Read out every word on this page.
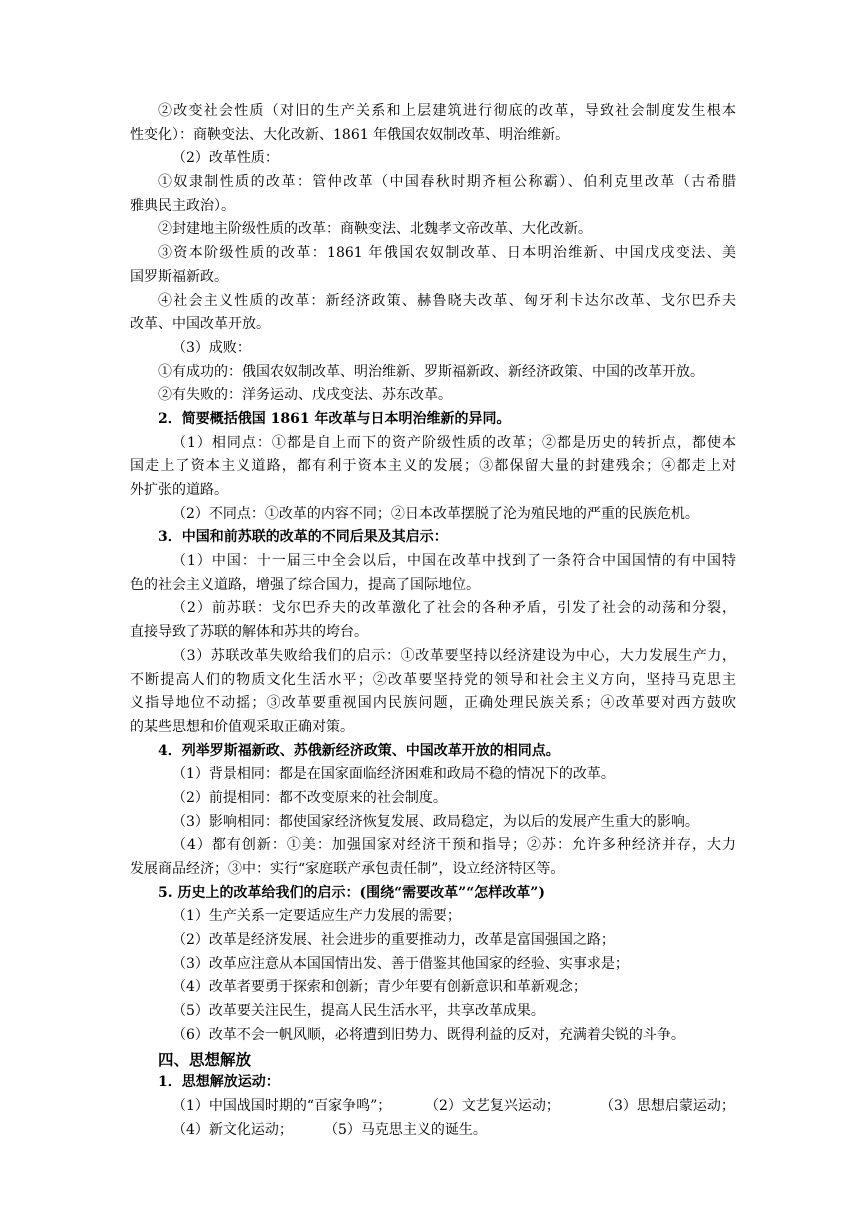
②改变社会性质（对旧的生产关系和上层建筑进行彻底的改革，导致社会制度发生根本
性变化）：商鞅变法、大化改新、1861 年俄国农奴制改革、明治维新。
（2）改革性质：
①奴隶制性质的改革：管仲改革（中国春秋时期齐桓公称霸）、伯利克里改革（古希腊
雅典民主政治）。
②封建地主阶级性质的改革：商鞅变法、北魏孝文帝改革、大化改新。
③资本阶级性质的改革：1861 年俄国农奴制改革、日本明治维新、中国戊戌变法、美
国罗斯福新政。
④社会主义性质的改革：新经济政策、赫鲁晓夫改革、匈牙利卡达尔改革、戈尔巴乔夫
改革、中国改革开放。
（3）成败：
①有成功的：俄国农奴制改革、明治维新、罗斯福新政、新经济政策、中国的改革开放。
②有失败的：洋务运动、戊戌变法、苏东改革。
2．简要概括俄国 1861 年改革与日本明治维新的异同。
（1）相同点：①都是自上而下的资产阶级性质的改革；②都是历史的转折点，都使本
国走上了资本主义道路，都有利于资本主义的发展；③都保留大量的封建残余；④都走上对
外扩张的道路。
（2）不同点：①改革的内容不同；②日本改革摆脱了沦为殖民地的严重的民族危机。
3．中国和前苏联的改革的不同后果及其启示：
（1）中国：十一届三中全会以后，中国在改革中找到了一条符合中国国情的有中国特
色的社会主义道路，增强了综合国力，提高了国际地位。
（2）前苏联：戈尔巴乔夫的改革激化了社会的各种矛盾，引发了社会的动荡和分裂，
直接导致了苏联的解体和苏共的垮台。
（3）苏联改革失败给我们的启示：①改革要坚持以经济建设为中心，大力发展生产力，
不断提高人们的物质文化生活水平；②改革要坚持党的领导和社会主义方向，坚持马克思主
义指导地位不动摇；③改革要重视国内民族问题，正确处理民族关系；④改革要对西方鼓吹
的某些思想和价值观采取正确对策。
4．列举罗斯福新政、苏俄新经济政策、中国改革开放的相同点。
（1）背景相同：都是在国家面临经济困难和政局不稳的情况下的改革。
（2）前提相同：都不改变原来的社会制度。
（3）影响相同：都使国家经济恢复发展、政局稳定，为以后的发展产生重大的影响。
（4）都有创新：①美：加强国家对经济干预和指导；②苏：允许多种经济并存，大力
发展商品经济；③中：实行“家庭联产承包责任制”，设立经济特区等。
5. 历史上的改革给我们的启示：(围绕“需要改革”“怎样改革”)
（1）生产关系一定要适应生产力发展的需要；
（2）改革是经济发展、社会进步的重要推动力，改革是富国强国之路；
（3）改革应注意从本国国情出发、善于借鉴其他国家的经验、实事求是；
（4）改革者要勇于探索和创新；青少年要有创新意识和革新观念；
（5）改革要关注民生，提高人民生活水平，共享改革成果。
（6）改革不会一帆风顺，必将遭到旧势力、既得利益的反对，充满着尖锐的斗争。
四、思想解放
1．思想解放运动：
（1）中国战国时期的“百家争鸣”；	（2）文艺复兴运动；	（3）思想启蒙运动；
（4）新文化运动；	（5）马克思主义的诞生。
